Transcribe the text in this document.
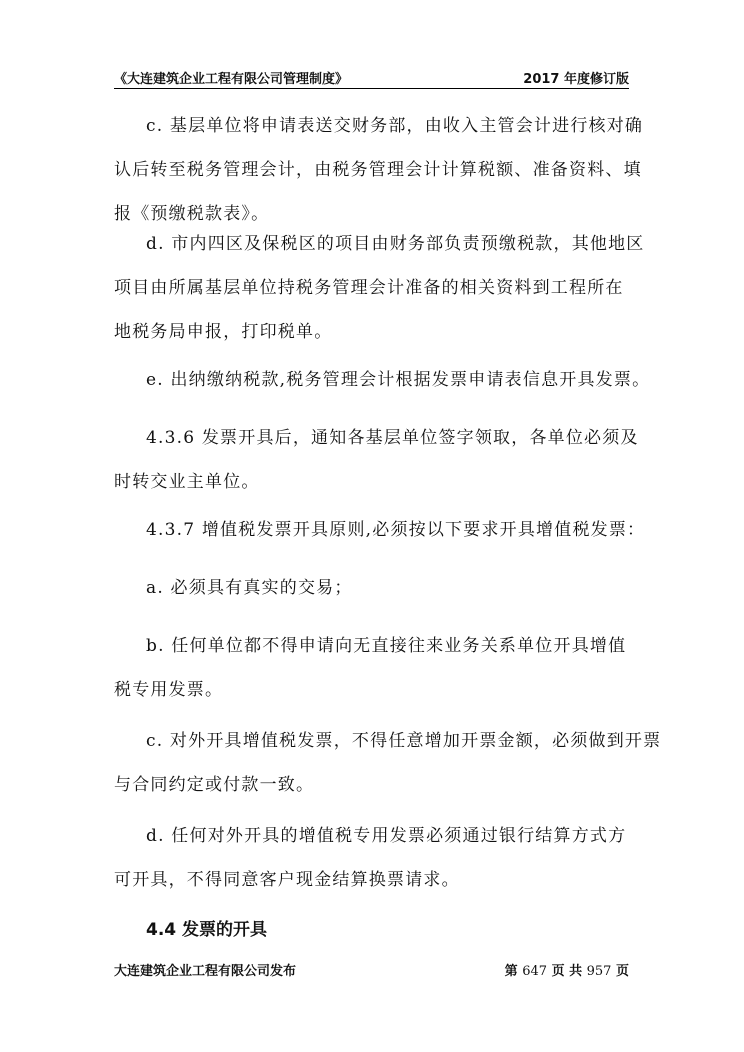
《大连建筑企业工程有限公司管理制度》	2017 年度修订版
c. 基层单位将申请表送交财务部，由收入主管会计进行核对确
认后转至税务管理会计，由税务管理会计计算税额、准备资料、填
报《预缴税款表》。
d. 市内四区及保税区的项目由财务部负责预缴税款，其他地区
项目由所属基层单位持税务管理会计准备的相关资料到工程所在
地税务局申报，打印税单。
e. 出纳缴纳税款,税务管理会计根据发票申请表信息开具发票。
4.3.6 发票开具后，通知各基层单位签字领取，各单位必须及
时转交业主单位。
4.3.7 增值税发票开具原则,必须按以下要求开具增值税发票：
a. 必须具有真实的交易；
b. 任何单位都不得申请向无直接往来业务关系单位开具增值
税专用发票。
c. 对外开具增值税发票，不得任意增加开票金额，必须做到开票
与合同约定或付款一致。
d. 任何对外开具的增值税专用发票必须通过银行结算方式方
可开具，不得同意客户现金结算换票请求。
4.4 发票的开具
大连建筑企业工程有限公司发布	第 647 页 共 957 页
